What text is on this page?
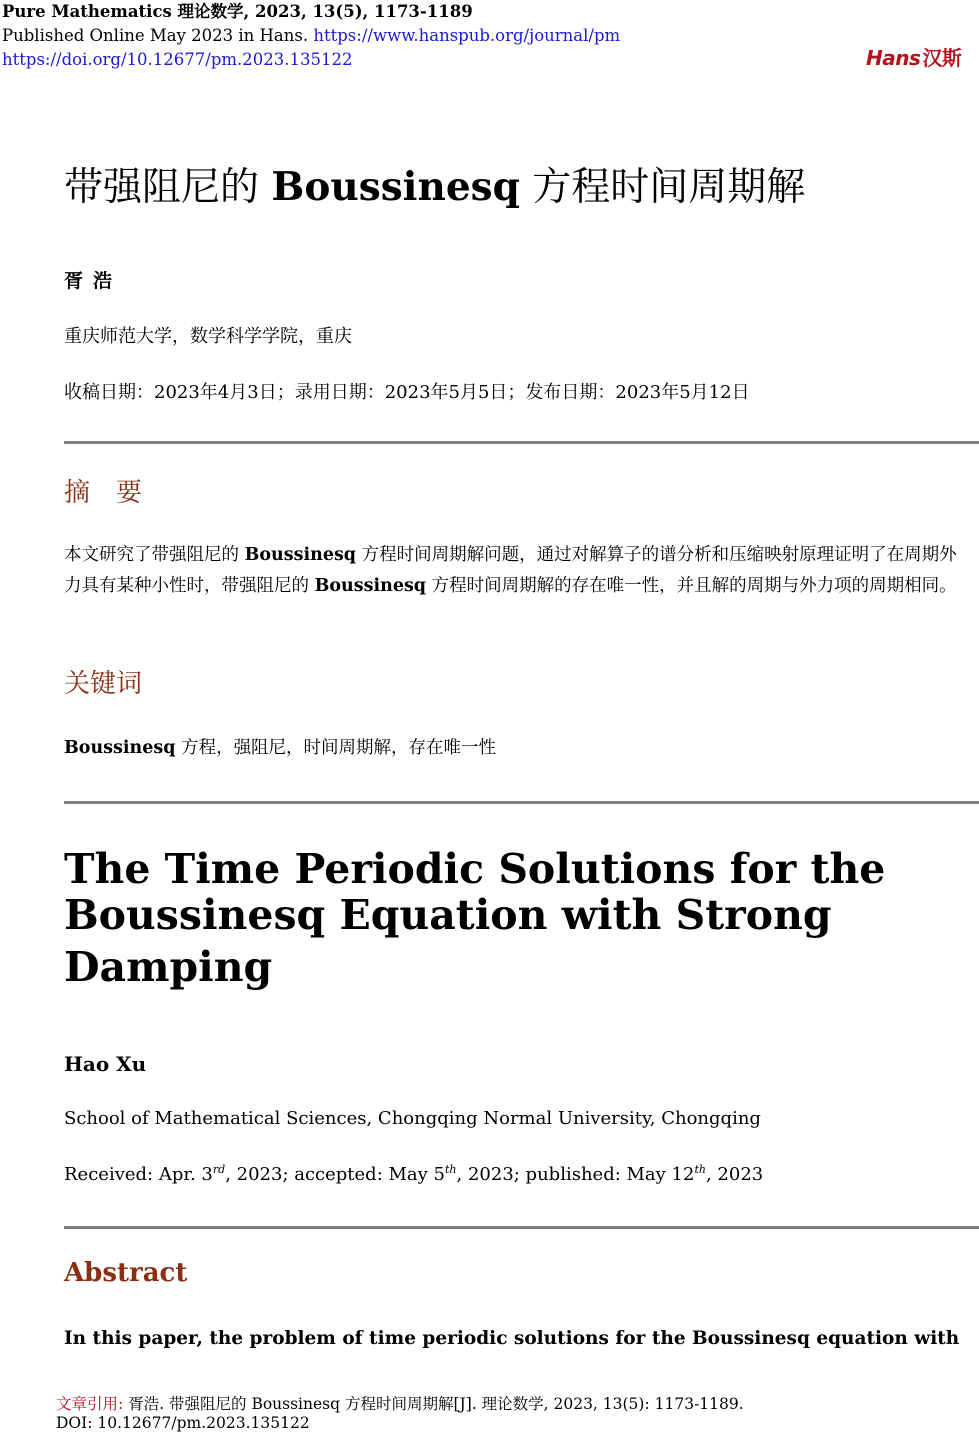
Pure Mathematics 理论数学, 2023, 13(5), 1173-1189
Published Online May 2023 in Hans. https://www.hanspub.org/journal/pm
https://doi.org/10.12677/pm.2023.135122	Hans 汉斯
带强阻尼的 Boussinesq 方程时间周期解
胥浩
重庆师范大学，数学科学学院，重庆
收稿日期：2023年4月3日；录用日期：2023年5月5日；发布日期：2023年5月12日
摘　要

本文研究了带强阻尼的 Boussinesq 方程时间周期解问题，通过对解算子的谱分析和压缩映射原理证明了在周期外力具有某种小性时，带强阻尼的 Boussinesq 方程时间周期解的存在唯一性，并且解的周期与外力项的周期相同。

关键词
Boussinesq 方程，强阻尼，时间周期解，存在唯一性
The Time Periodic Solutions for the
Boussinesq Equation with Strong
Damping
Hao Xu
School of Mathematical Sciences, Chongqing Normal University, Chongqing
Received: Apr. 3rd, 2023; accepted: May 5th, 2023; published: May 12th, 2023
Abstract
In this paper, the problem of time periodic solutions for the Boussinesq equation with
文章引用: 胥浩. 带强阻尼的 Boussinesq 方程时间周期解[J]. 理论数学, 2023, 13(5): 1173-1189.
DOI: 10.12677/pm.2023.135122
